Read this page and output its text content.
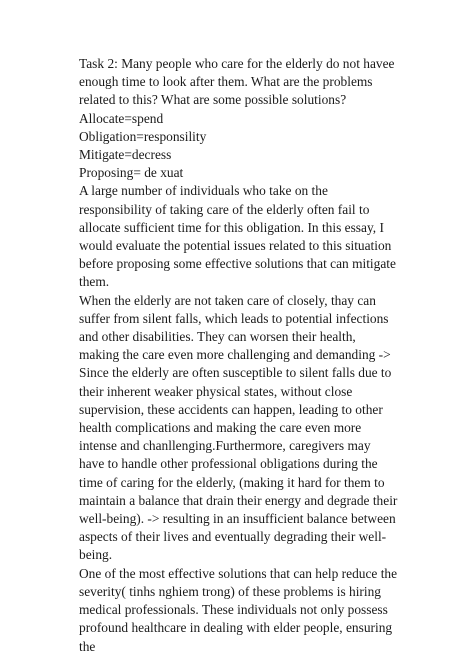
Task 2: Many people who care for the elderly do not havee enough time to look after them. What are the problems related to this? What are some possible solutions?

Allocate=spend

Obligation=responsility

Mitigate=decress

Proposing= de xuat

A large number of individuals who take on the responsibility of taking care of the elderly often fail to allocate sufficient time for this obligation. In this essay, I would evaluate the potential issues related to this situation before proposing some effective solutions that can mitigate them.

When the elderly are not taken care of closely, thay can suffer from silent falls, which leads to potential infections and other disabilities. They can worsen their health, making the care even more challenging and demanding ->

Since the elderly are often susceptible to silent falls due to their inherent weaker physical states, without close supervision, these accidents can happen, leading to other health complications and making the care even more intense and chanllenging.Furthermore, caregivers may have to handle other professional obligations during the time of caring for the elderly, (making it hard for them to maintain a balance that drain their energy and degrade their well-being). -> resulting in an insufficient balance between aspects of their lives and eventually degrading their well-being.

One of the most effective solutions that can help reduce the severity( tinhs nghiem trong) of these problems is hiring medical professionals. These individuals not only possess profound healthcare in dealing with elder people, ensuring the
